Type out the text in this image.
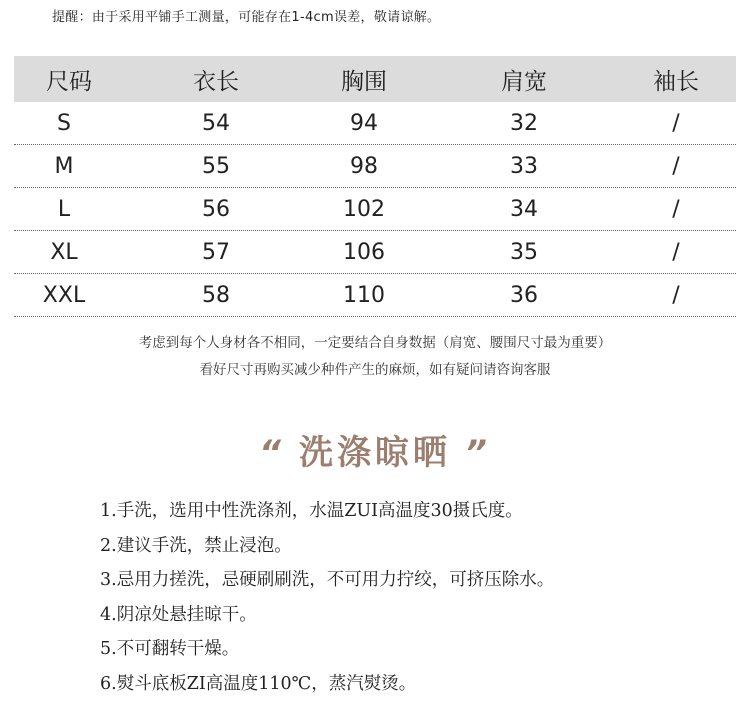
提醒：由于采用平铺手工测量，可能存在1-4cm误差，敬请谅解。
尺码	衣长	胸围	肩宽	袖长
S	54	94	32	/
M	55	98	33	/
L	56	102	34	/
XL	57	106	35	/
XXL	58	110	36	/
考虑到每个人身材各不相同，一定要结合自身数据（肩宽、腰围尺寸最为重要）
看好尺寸再购买减少种件产生的麻烦，如有疑问请咨询客服
“ 洗涤晾晒 ”
1.手洗，选用中性洗涤剂，水温ZUI高温度30摄氏度。
2.建议手洗，禁止浸泡。
3.忌用力搓洗，忌硬刷刷洗，不可用力拧绞，可挤压除水。
4.阴凉处悬挂晾干。
5.不可翻转干燥。
6.熨斗底板ZI高温度110℃，蒸汽熨烫。
